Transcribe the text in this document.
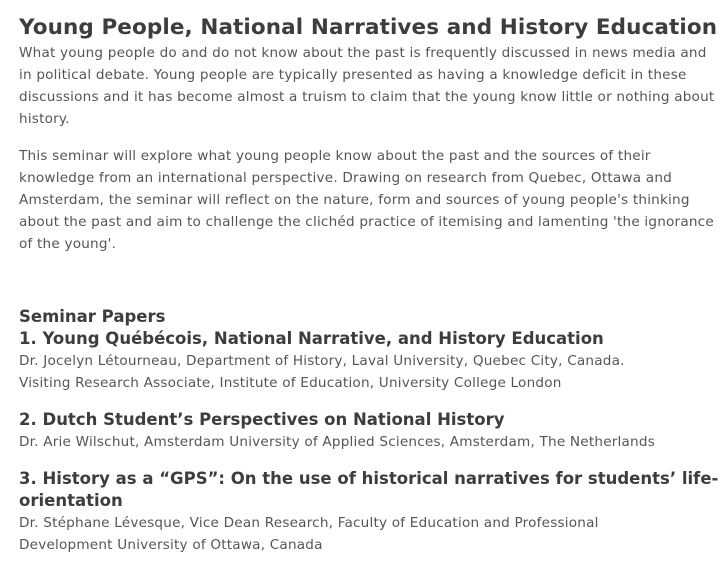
Young People, National Narratives and History Education

What young people do and do not know about the past is frequently discussed in news media and in political debate. Young people are typically presented as having a knowledge deficit in these discussions and it has become almost a truism to claim that the young know little or nothing about history.

This seminar will explore what young people know about the past and the sources of their knowledge from an international perspective. Drawing on research from Quebec, Ottawa and Amsterdam, the seminar will reflect on the nature, form and sources of young people's thinking about the past and aim to challenge the clichéd practice of itemising and lamenting 'the ignorance of the young'.

Seminar Papers
1. Young Québécois, National Narrative, and History Education
Dr. Jocelyn Létourneau, Department of History, Laval University, Quebec City, Canada.
Visiting Research Associate, Institute of Education, University College London
2. Dutch Student’s Perspectives on National History
Dr. Arie Wilschut, Amsterdam University of Applied Sciences, Amsterdam, The Netherlands
3. History as a “GPS”: On the use of historical narratives for students’ life-orientation
Dr. Stéphane Lévesque, Vice Dean Research, Faculty of Education and Professional
Development University of Ottawa, Canada
